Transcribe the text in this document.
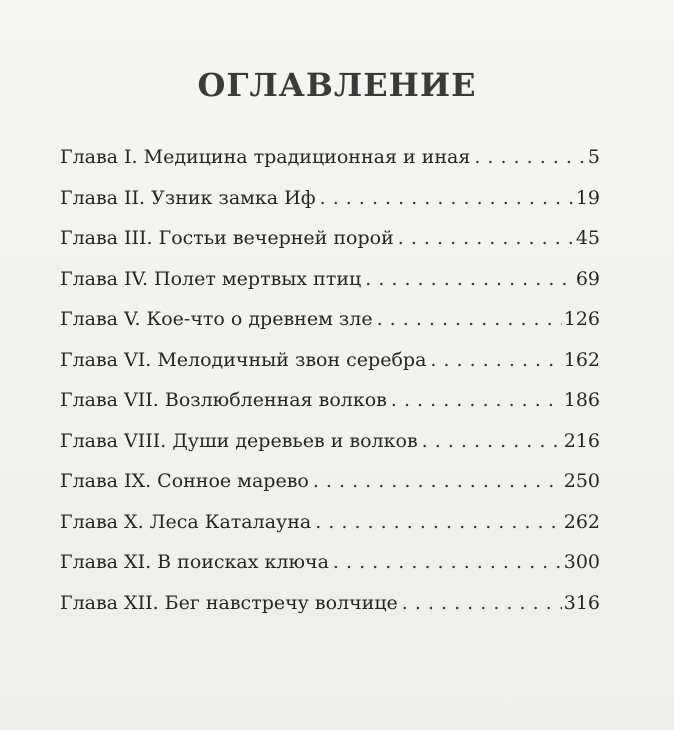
ОГЛАВЛЕНИЕ
Глава I. Медицина традиционная и иная . . .	5
Глава II. Узник замка Иф . . .	19
Глава III. Гостьи вечерней порой . . .	45
Глава IV. Полет мертвых птиц . . .	69
Глава V. Кое-что о древнем зле . . .	126
Глава VI. Мелодичный звон серебра . . .	162
Глава VII. Возлюбленная волков . . .	186
Глава VIII. Души деревьев и волков . . .	216
Глава IX. Сонное марево . . .	250
Глава X. Леса Каталауна . . .	262
Глава XI. В поисках ключа . . .	300
Глава XII. Бег навстречу волчице . . .	316
